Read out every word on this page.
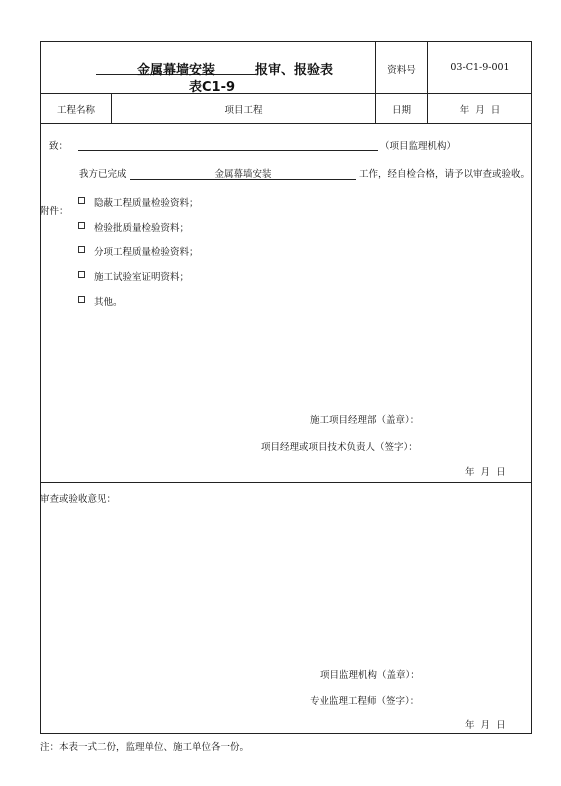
金属幕墙安装	报审、报验表
表C1-9
资料号	03-C1-9-001
工程名称	项目工程	日期	年  月  日
致：	（项目监理机构）
我方已完成	金属幕墙安装	工作，经自检合格，请予以审查或验收。
附件：
隐蔽工程质量检验资料；
检验批质量检验资料；
分项工程质量检验资料；
施工试验室证明资料；
其他。
施工项目经理部（盖章）：
项目经理或项目技术负责人（签字）：
年  月  日
审查或验收意见：
项目监理机构（盖章）：
专业监理工程师（签字）：
年  月  日
注：本表一式二份，监理单位、施工单位各一份。
